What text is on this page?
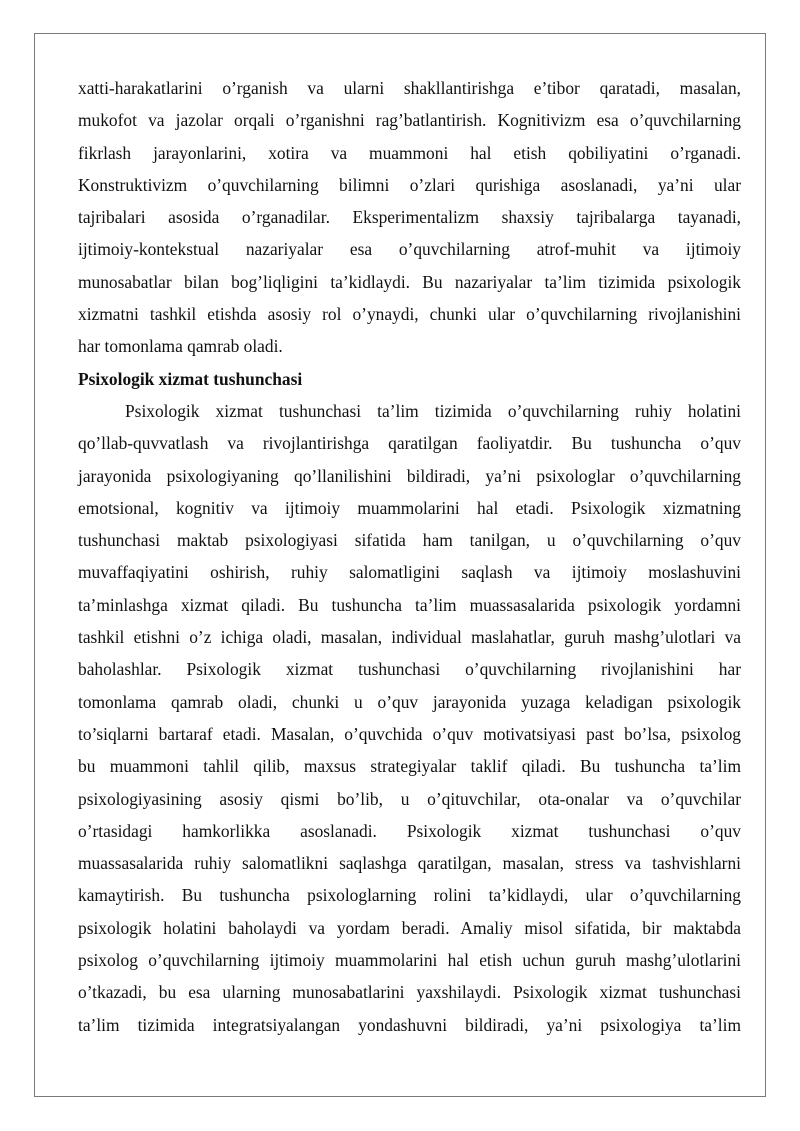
xatti-harakatlarini o’rganish va ularni shakllantirishga e’tibor qaratadi, masalan,
mukofot va jazolar orqali o’rganishni rag’batlantirish. Kognitivizm esa o’quvchilarning
fikrlash jarayonlarini, xotira va muammoni hal etish qobiliyatini o’rganadi.
Konstruktivizm o’quvchilarning bilimni o’zlari qurishiga asoslanadi, ya’ni ular
tajribalari asosida o’rganadilar. Eksperimentalizm shaxsiy tajribalarga tayanadi,
ijtimoiy-kontekstual nazariyalar esa o’quvchilarning atrof-muhit va ijtimoiy
munosabatlar bilan bog’liqligini ta’kidlaydi. Bu nazariyalar ta’lim tizimida psixologik
xizmatni tashkil etishda asosiy rol o’ynaydi, chunki ular o’quvchilarning rivojlanishini
har tomonlama qamrab oladi.

Psixologik xizmat tushunchasi

Psixologik xizmat tushunchasi ta’lim tizimida o’quvchilarning ruhiy holatini
qo’llab-quvvatlash va rivojlantirishga qaratilgan faoliyatdir. Bu tushuncha o’quv
jarayonida psixologiyaning qo’llanilishini bildiradi, ya’ni psixologlar o’quvchilarning
emotsional, kognitiv va ijtimoiy muammolarini hal etadi. Psixologik xizmatning
tushunchasi maktab psixologiyasi sifatida ham tanilgan, u o’quvchilarning o’quv
muvaffaqiyatini oshirish, ruhiy salomatligini saqlash va ijtimoiy moslashuvini
ta’minlashga xizmat qiladi. Bu tushuncha ta’lim muassasalarida psixologik yordamni
tashkil etishni o’z ichiga oladi, masalan, individual maslahatlar, guruh mashg’ulotlari va
baholashlar. Psixologik xizmat tushunchasi o’quvchilarning rivojlanishini har
tomonlama qamrab oladi, chunki u o’quv jarayonida yuzaga keladigan psixologik
to’siqlarni bartaraf etadi. Masalan, o’quvchida o’quv motivatsiyasi past bo’lsa, psixolog
bu muammoni tahlil qilib, maxsus strategiyalar taklif qiladi. Bu tushuncha ta’lim
psixologiyasining asosiy qismi bo’lib, u o’qituvchilar, ota-onalar va o’quvchilar
o’rtasidagi hamkorlikka asoslanadi. Psixologik xizmat tushunchasi o’quv
muassasalarida ruhiy salomatlikni saqlashga qaratilgan, masalan, stress va tashvishlarni
kamaytirish. Bu tushuncha psixologlarning rolini ta’kidlaydi, ular o’quvchilarning
psixologik holatini baholaydi va yordam beradi. Amaliy misol sifatida, bir maktabda
psixolog o’quvchilarning ijtimoiy muammolarini hal etish uchun guruh mashg’ulotlarini
o’tkazadi, bu esa ularning munosabatlarini yaxshilaydi. Psixologik xizmat tushunchasi
ta’lim tizimida integratsiyalangan yondashuvni bildiradi, ya’ni psixologiya ta’lim
